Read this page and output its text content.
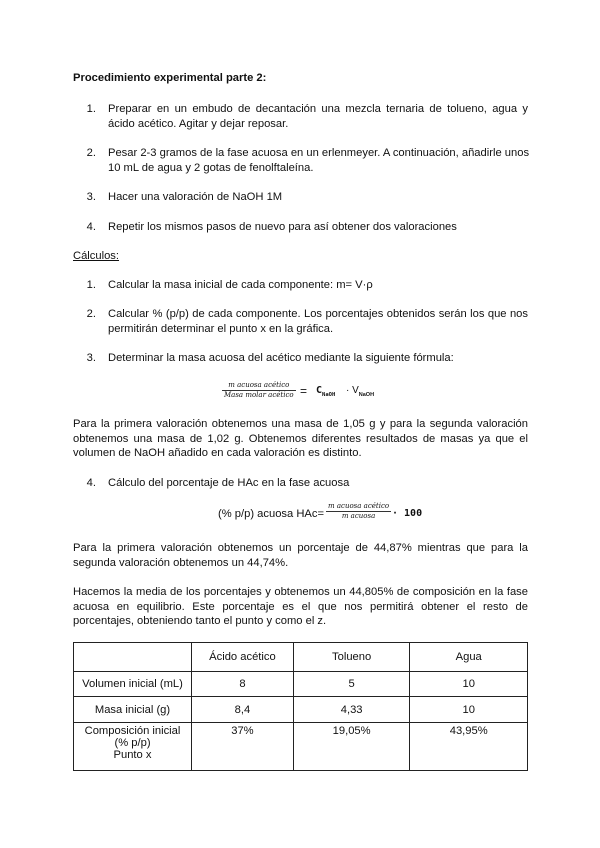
Procedimiento experimental parte 2:
1. Preparar en un embudo de decantación una mezcla ternaria de tolueno, agua y
ácido acético. Agitar y dejar reposar.
2. Pesar 2-3 gramos de la fase acuosa en un erlenmeyer. A continuación, añadirle unos
10 mL de agua y 2 gotas de fenolftaleína.
3. Hacer una valoración de NaOH 1M
4. Repetir los mismos pasos de nuevo para así obtener dos valoraciones
Cálculos:
1. Calcular la masa inicial de cada componente: m= V·ρ
2. Calcular % (p/p) de cada componente. Los porcentajes obtenidos serán los que nos
permitirán determinar el punto x en la gráfica.
3. Determinar la masa acuosa del acético mediante la siguiente fórmula:
m acuosa acético
Masa molar acético = $C_{NaOH} \cdot V_{NaOH}$
Para la primera valoración obtenemos una masa de 1,05 g y para la segunda valoración
obtenemos una masa de 1,02 g. Obtenemos diferentes resultados de masas ya que el
volumen de NaOH añadido en cada valoración es distinto.
4. Cálculo del porcentaje de HAc en la fase acuosa
(% p/p) acuosa HAc=
m acuosa acético
m acuosa	· 100
Para la primera valoración obtenemos un porcentaje de 44,87% mientras que para la
segunda valoración obtenemos un 44,74%.
Hacemos la media de los porcentajes y obtenemos un 44,805% de composición en la fase
acuosa en equilibrio. Este porcentaje es el que nos permitirá obtener el resto de
porcentajes, obteniendo tanto el punto y como el z.
	Ácido acético	Tolueno	Agua
Volumen inicial (mL)	8	5	10
Masa inicial (g)	8,4	4,33	10

Composición inicial
(% p/p)
Punto x	37%	19,05%	43,95%
